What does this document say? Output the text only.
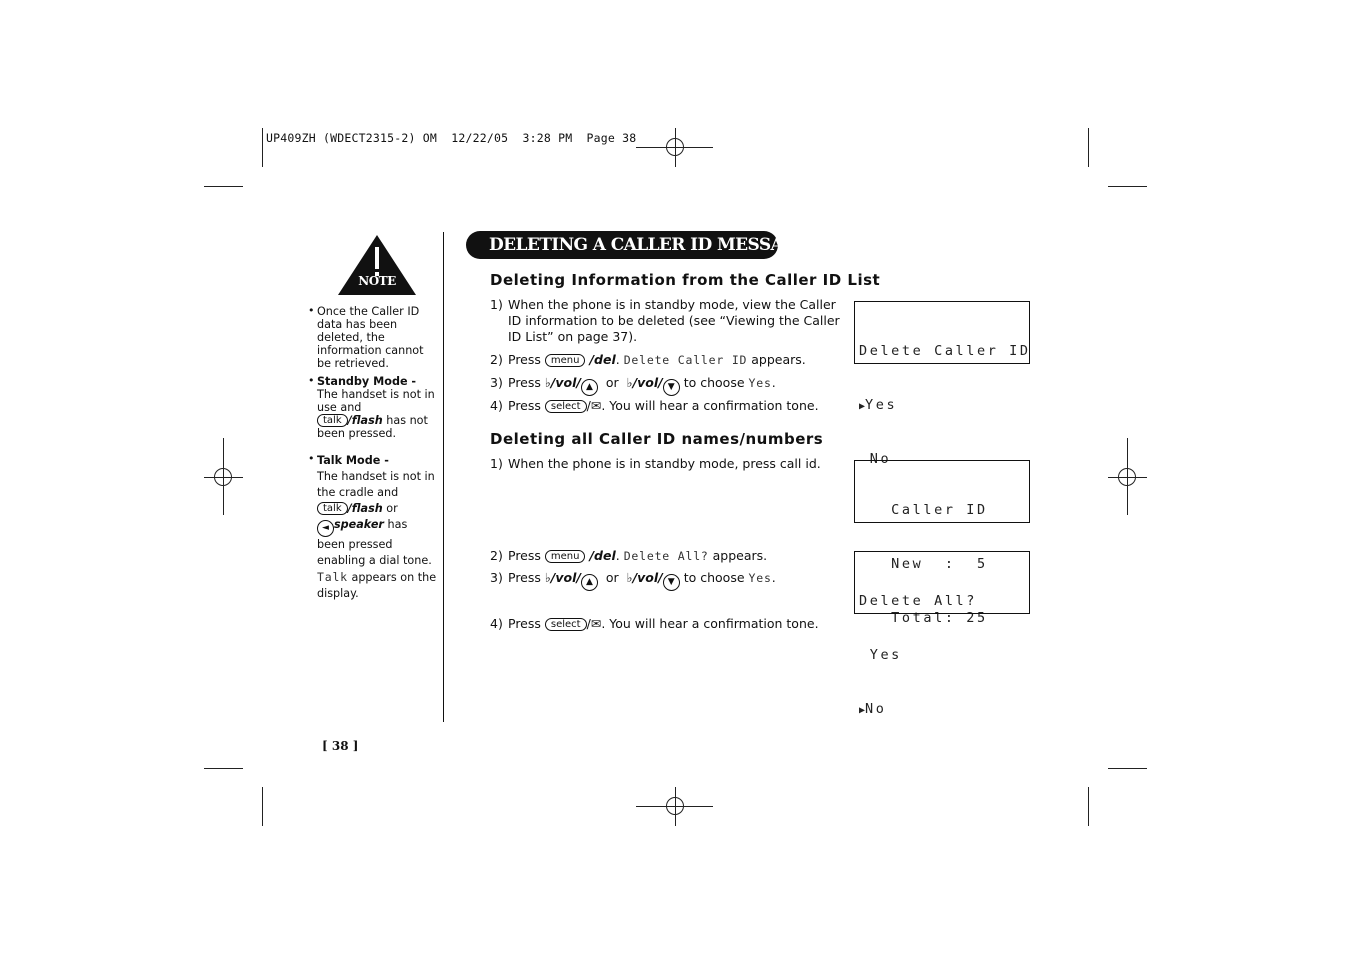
UP409ZH (WDECT2315-2) OM  12/22/05  3:28 PM  Page 38
NOTE
• Once the Caller ID data has been deleted, the information cannot be retrieved.
• Standby Mode -
The handset is not in use and
talk /flash has not been pressed.
• Talk Mode -
The handset is not in the cradle and
talk /flash or
◄ speaker has been pressed enabling a dial tone. Talk appears on the display.
DELETING A CALLER ID MESSAGE
Deleting Information from the Caller ID List
1) When the phone is in standby mode, view the Caller
ID information to be deleted (see “Viewing the Caller
ID List” on page 37).
2) Press menu /del. Delete Caller ID appears.
3) Press ♭/vol/ ▲ or ♭/vol/ ▼ to choose Yes.
4) Press select /✉. You will hear a confirmation tone.

Delete Caller ID

▶Yes

No

Deleting all Caller ID names/numbers
1) When the phone is in standby mode, press call id.
2) Press menu /del. Delete All? appears.
3) Press ♭/vol/ ▲ or ♭/vol/ ▼ to choose Yes.
4) Press select /✉. You will hear a confirmation tone.

Caller ID

New  :  5

Total: 25

Delete All?

Yes

▶No

[ 38 ]
